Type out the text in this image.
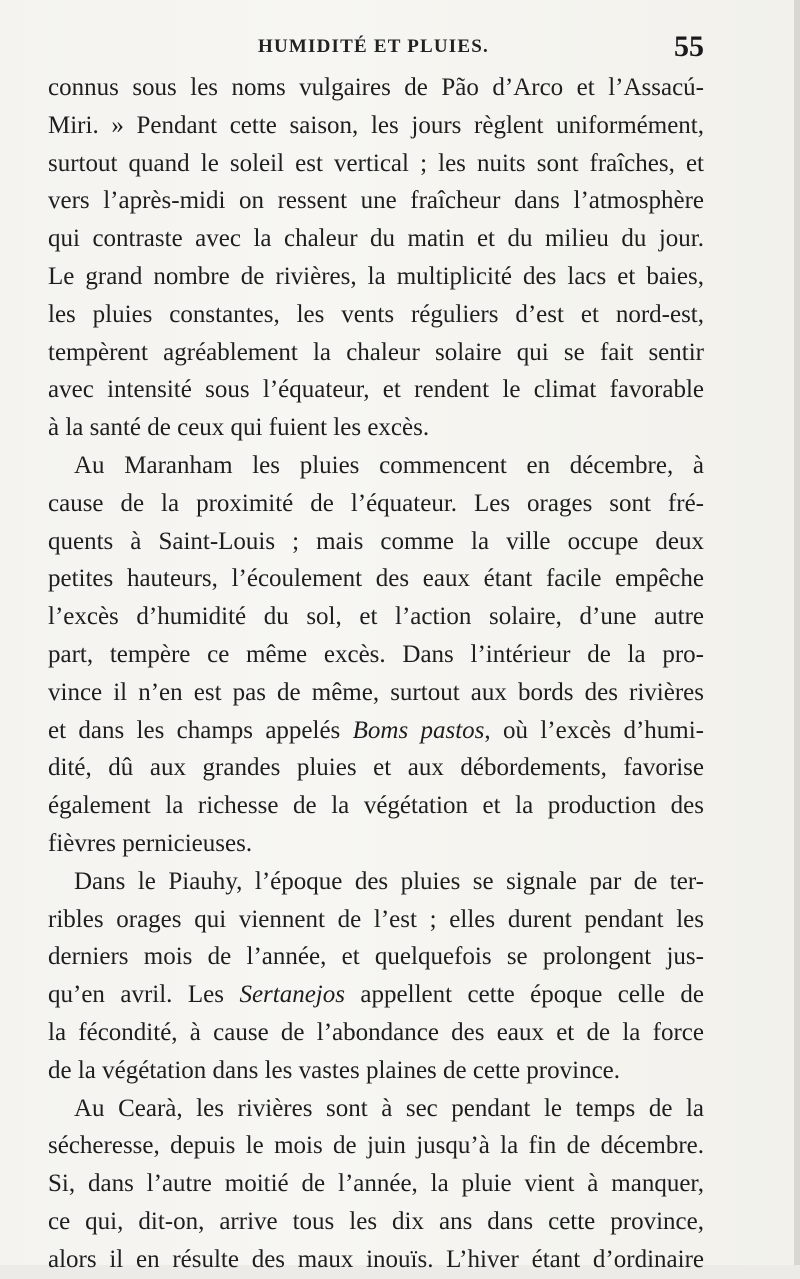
HUMIDITÉ ET PLUIES.	55
connus sous les noms vulgaires de Pão d’Arco et l’Assacú-
Miri. » Pendant cette saison, les jours règlent uniformément,
surtout quand le soleil est vertical ; les nuits sont fraîches, et
vers l’après-midi on ressent une fraîcheur dans l’atmosphère
qui contraste avec la chaleur du matin et du milieu du jour.
Le grand nombre de rivières, la multiplicité des lacs et baies,
les pluies constantes, les vents réguliers d’est et nord-est,
tempèrent agréablement la chaleur solaire qui se fait sentir
avec intensité sous l’équateur, et rendent le climat favorable
à la santé de ceux qui fuient les excès.
Au Maranham les pluies commencent en décembre, à
cause de la proximité de l’équateur. Les orages sont fré-
quents à Saint-Louis ; mais comme la ville occupe deux
petites hauteurs, l’écoulement des eaux étant facile empêche
l’excès d’humidité du sol, et l’action solaire, d’une autre
part, tempère ce même excès. Dans l’intérieur de la pro-
vince il n’en est pas de même, surtout aux bords des rivières
et dans les champs appelés Boms pastos, où l’excès d’humi-
dité, dû aux grandes pluies et aux débordements, favorise
également la richesse de la végétation et la production des
fièvres pernicieuses.
Dans le Piauhy, l’époque des pluies se signale par de ter-
ribles orages qui viennent de l’est ; elles durent pendant les
derniers mois de l’année, et quelquefois se prolongent jus-
qu’en avril. Les Sertanejos appellent cette époque celle de
la fécondité, à cause de l’abondance des eaux et de la force
de la végétation dans les vastes plaines de cette province.
Au Cearà, les rivières sont à sec pendant le temps de la
sécheresse, depuis le mois de juin jusqu’à la fin de décembre.
Si, dans l’autre moitié de l’année, la pluie vient à manquer,
ce qui, dit-on, arrive tous les dix ans dans cette province,
alors il en résulte des maux inouïs. L’hiver étant d’ordinaire
